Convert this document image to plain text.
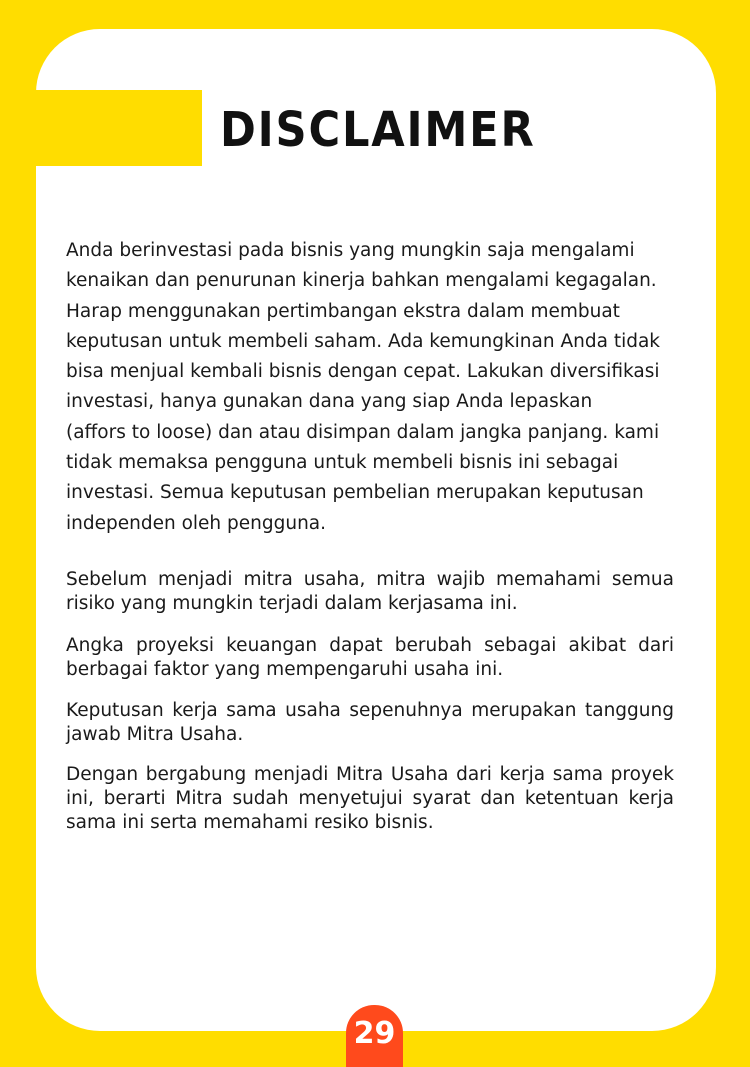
DISCLAIMER
Anda berinvestasi pada bisnis yang mungkin saja mengalami
kenaikan dan penurunan kinerja bahkan mengalami kegagalan.
Harap menggunakan pertimbangan ekstra dalam membuat
keputusan untuk membeli saham. Ada kemungkinan Anda tidak
bisa menjual kembali bisnis dengan cepat. Lakukan diversifikasi
investasi, hanya gunakan dana yang siap Anda lepaskan
(affors to loose) dan atau disimpan dalam jangka panjang. kami
tidak memaksa pengguna untuk membeli bisnis ini sebagai
investasi. Semua keputusan pembelian merupakan keputusan
independen oleh pengguna.
Sebelum menjadi mitra usaha, mitra wajib memahami semua
risiko yang mungkin terjadi dalam kerjasama ini.
Angka proyeksi keuangan dapat berubah sebagai akibat dari
berbagai faktor yang mempengaruhi usaha ini.
Keputusan kerja sama usaha sepenuhnya merupakan tanggung
jawab Mitra Usaha.
Dengan bergabung menjadi Mitra Usaha dari kerja sama proyek
ini, berarti Mitra sudah menyetujui syarat dan ketentuan kerja
sama ini serta memahami resiko bisnis.
29
